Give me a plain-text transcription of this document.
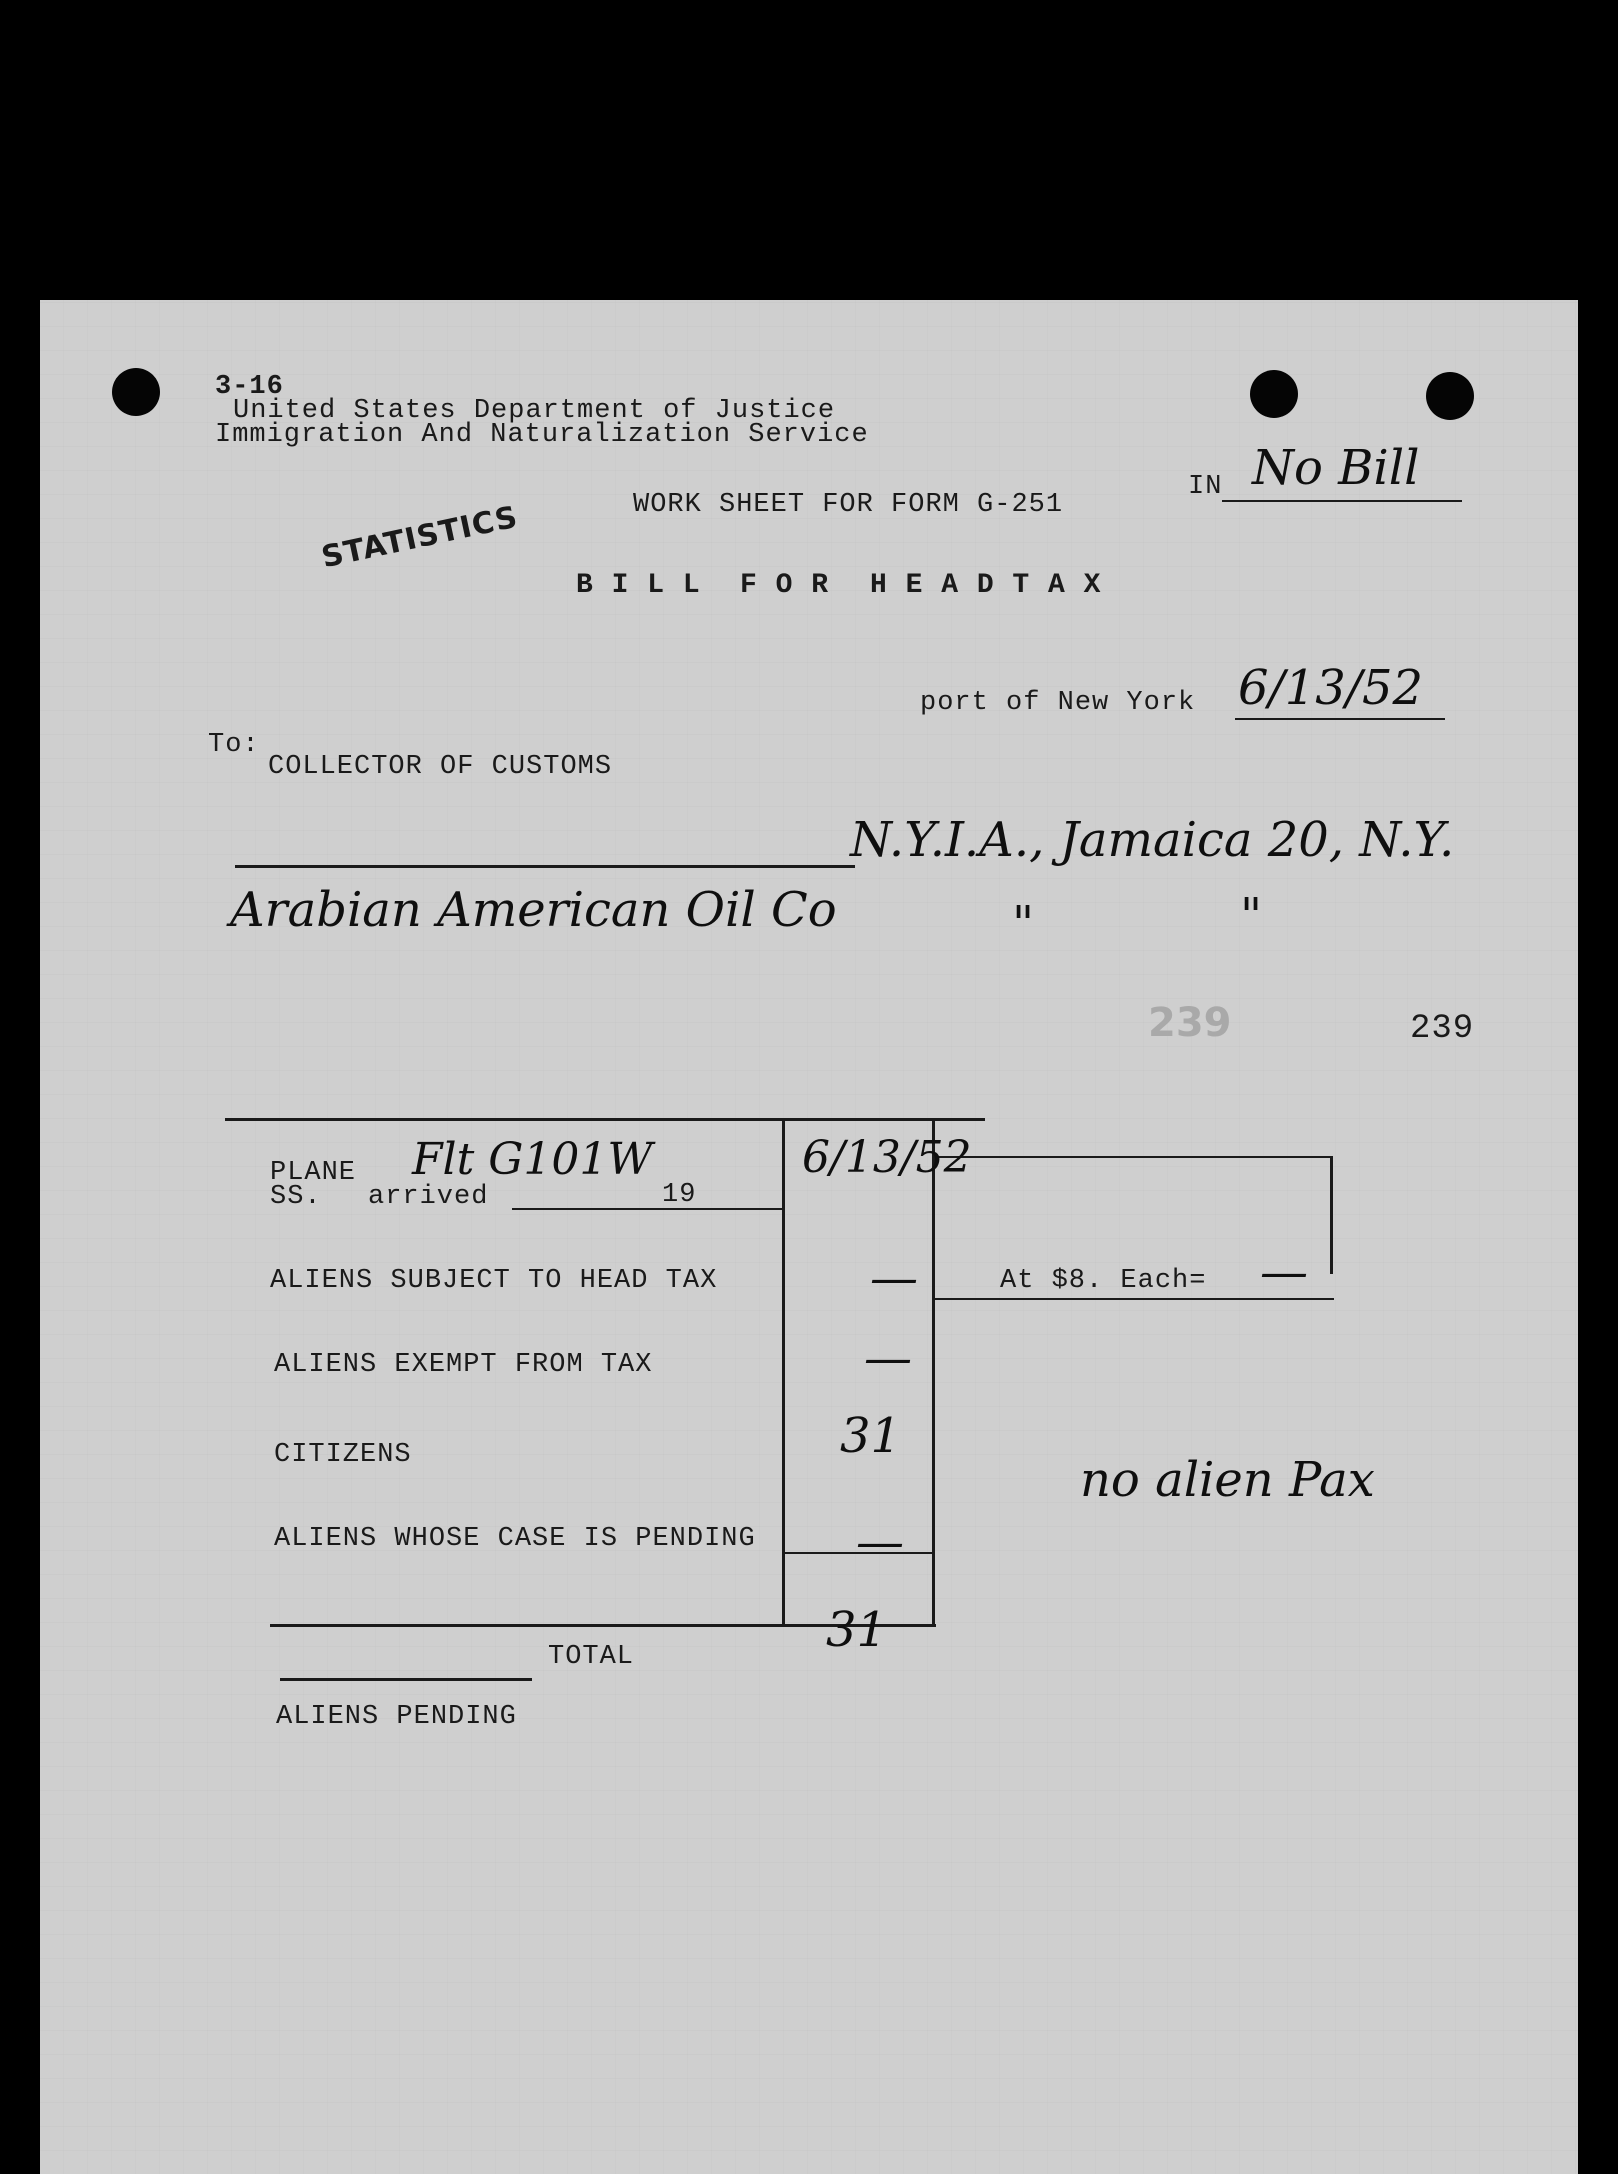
3-16
United States Department of Justice
Immigration And Naturalization Service
STATISTICS	WORK SHEET FOR FORM G-251
IN No Bill
B I L L F O R H E A D T A X
port of New York 6/13/52
To:
COLLECTOR OF CUSTOMS
N.Y.I.A., Jamaica 20, N.Y.
Arabian American Oil Co	"	"
239	239
PLANE Flt G101W
SS. arrived	19
6/13/52
ALIENS SUBJECT TO HEAD TAX	—	At $8. Each= —
ALIENS EXEMPT FROM TAX	—
CITIZENS	31
ALIENS WHOSE CASE IS PENDING —
TOTAL	31
ALIENS PENDING
no alien Pax
